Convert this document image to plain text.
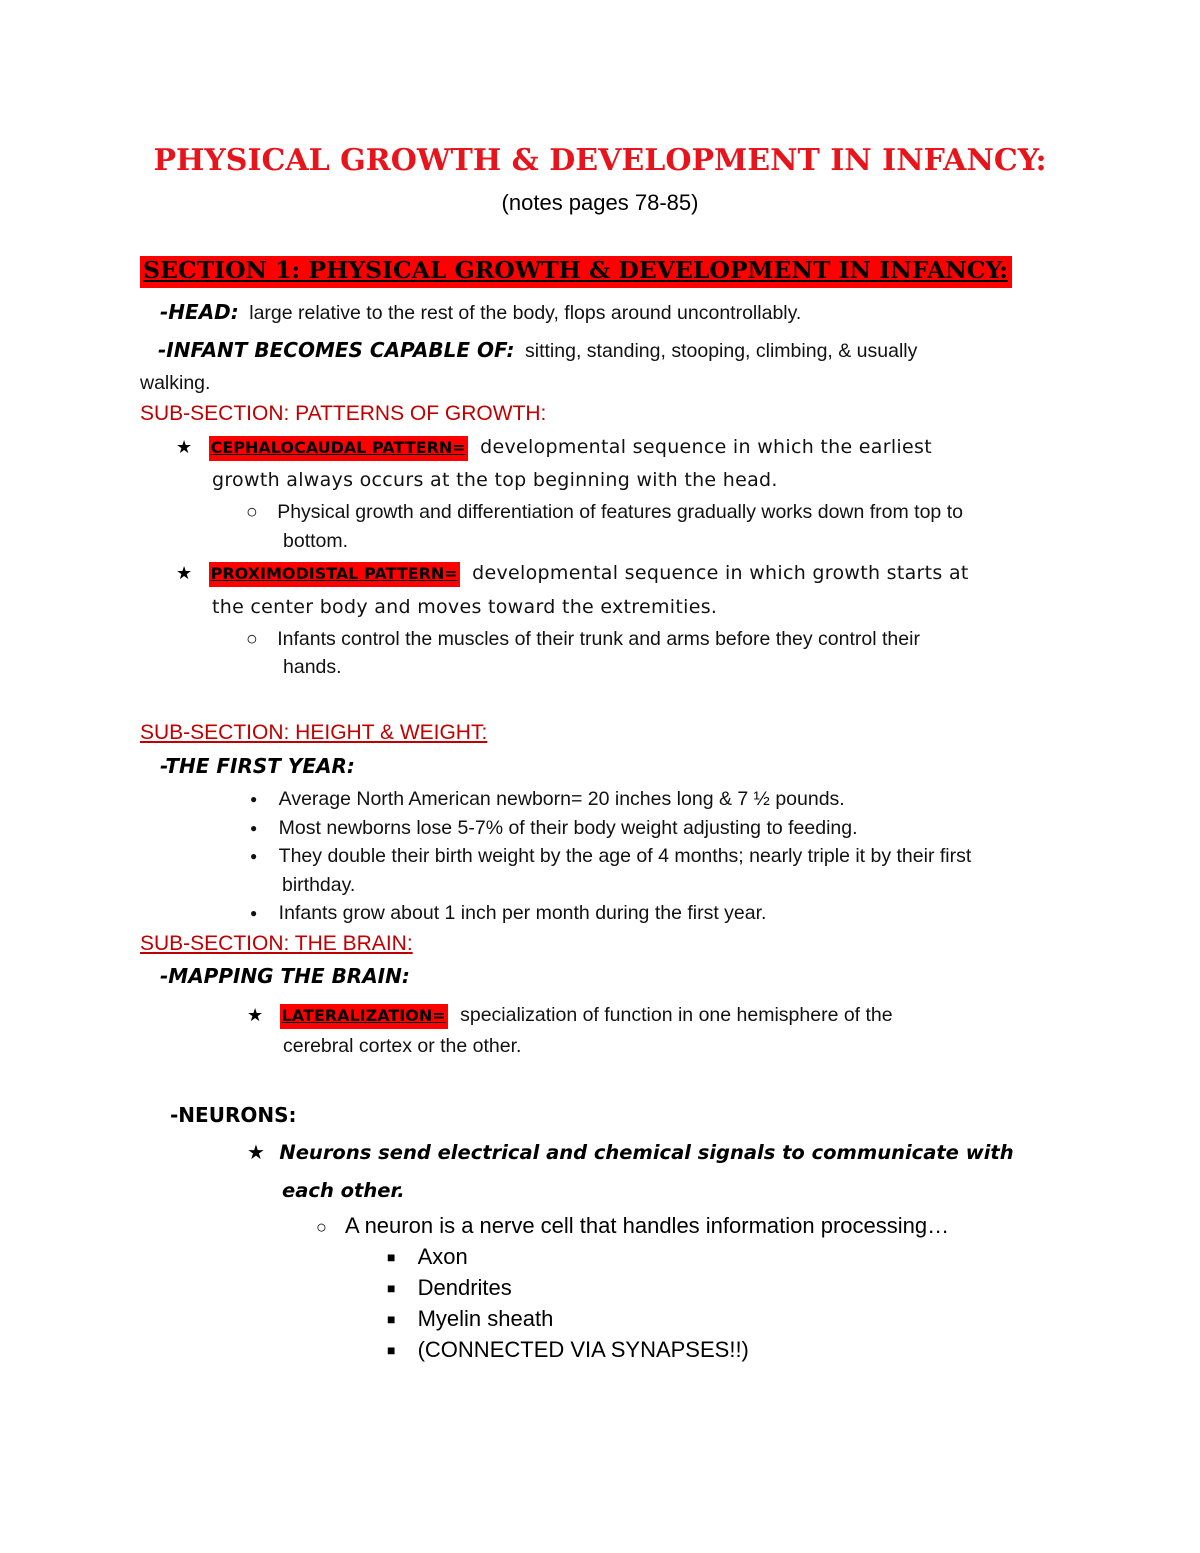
PHYSICAL GROWTH & DEVELOPMENT IN INFANCY:
(notes pages 78-85)
SECTION 1: PHYSICAL GROWTH & DEVELOPMENT IN INFANCY:
-HEAD: large relative to the rest of the body, flops around uncontrollably.
-INFANT BECOMES CAPABLE OF: sitting, standing, stooping, climbing, & usually
walking.
SUB-SECTION: PATTERNS OF GROWTH:
★ CEPHALOCAUDAL PATTERN= developmental sequence in which the earliest
growth always occurs at the top beginning with the head.
○ Physical growth and differentiation of features gradually works down from top to
bottom.
★ PROXIMODISTAL PATTERN= developmental sequence in which growth starts at
the center body and moves toward the extremities.
○ Infants control the muscles of their trunk and arms before they control their
hands.
SUB-SECTION: HEIGHT & WEIGHT:
-THE FIRST YEAR:
● Average North American newborn= 20 inches long & 7 ½ pounds.
● Most newborns lose 5-7% of their body weight adjusting to feeding.
● They double their birth weight by the age of 4 months; nearly triple it by their first
birthday.
● Infants grow about 1 inch per month during the first year.
SUB-SECTION: THE BRAIN:
-MAPPING THE BRAIN:
★ LATERALIZATION= specialization of function in one hemisphere of the
cerebral cortex or the other.
-NEURONS:
★ Neurons send electrical and chemical signals to communicate with
each other.
○ A neuron is a nerve cell that handles information processing…
■ Axon
■ Dendrites
■ Myelin sheath
■ (CONNECTED VIA SYNAPSES!!)
